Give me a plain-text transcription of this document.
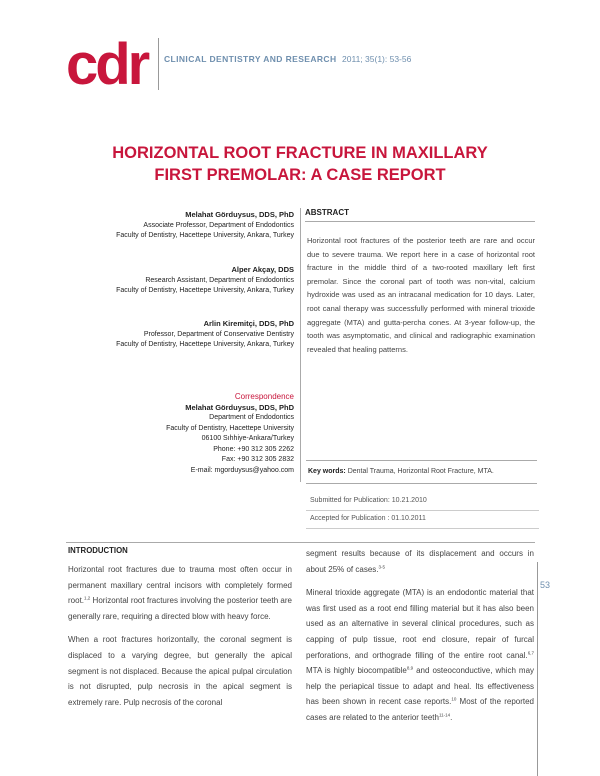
cdr CLINICAL DENTISTRY AND RESEARCH 2011; 35(1): 53-56
HORIZONTAL ROOT FRACTURE IN MAXILLARY
FIRST PREMOLAR: A CASE REPORT
Melahat Görduysus, DDS, PhD
Associate Professor, Department of Endodontics
Faculty of Dentistry, Hacettepe University, Ankara, Turkey
Alper Akçay, DDS
Research Assistant, Department of Endodontics
Faculty of Dentistry, Hacettepe University, Ankara, Turkey
Arlin Kiremitçi, DDS, PhD
Professor, Department of Conservative Dentistry
Faculty of Dentistry, Hacettepe University, Ankara, Turkey
Correspondence
Melahat Görduysus, DDS, PhD
Department of Endodontics
Faculty of Dentistry, Hacettepe University
06100 Sıhhiye-Ankara/Turkey
Phone: +90 312 305 2262
Fax: +90 312 305 2832
E-mail: mgorduysus@yahoo.com
ABSTRACT
Horizontal root fractures of the posterior teeth are rare and occur due to severe trauma. We report here in a case of horizontal root fracture in the middle third of a two-rooted maxillary left first premolar. Since the coronal part of tooth was non-vital, calcium hydroxide was used as an intracanal medication for 10 days. Later, root canal therapy was successfully performed with mineral trioxide aggregate (MTA) and gutta-percha cones. At 3-year follow-up, the tooth was asymptomatic, and clinical and radiographic examination revealed that healing patterns.
Key words: Dental Trauma, Horizontal Root Fracture, MTA.
Submitted for Publication: 10.21.2010
Accepted for Publication : 01.10.2011
INTRODUCTION

Horizontal root fractures due to trauma most often occur in permanent maxillary central incisors with completely formed root.$^{1,2}$ Horizontal root fractures involving the posterior teeth are generally rare, requiring a directed blow with heavy force.

When a root fractures horizontally, the coronal segment is displaced to a varying degree, but generally the apical segment is not displaced. Because the apical pulpal circulation is not disrupted, pulp necrosis in the apical segment is extremely rare. Pulp necrosis of the coronal

segment results because of its displacement and occurs in about 25% of cases.$^{3-5}$

Mineral trioxide aggregate (MTA) is an endodontic material that was first used as a root end filling material but it has also been used as an alternative in several clinical procedures, such as capping of pulp tissue, root end closure, repair of furcal perforations, and orthograde filling of the entire root canal.$^{6,7}$ MTA is highly biocompatible$^{8,9}$ and osteoconductive, which may help the periapical tissue to adapt and heal. Its effectiveness has been shown in recent case reports.$^{10}$ Most of the reported cases are related to the anterior teeth$^{11-14}$.

53
